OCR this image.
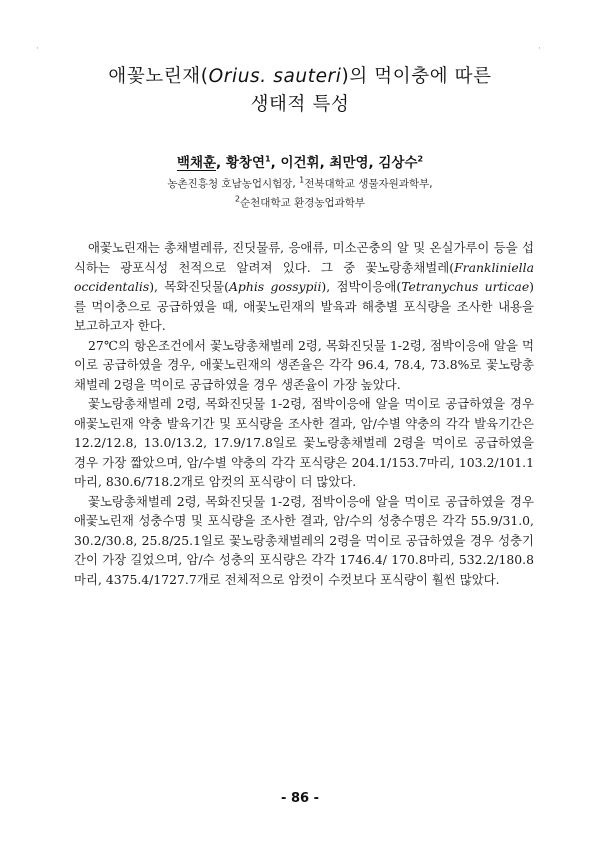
·	·
애꽃노린재(Orius. sauteri)의 먹이충에 따른
생태적 특성
백채훈, 황창연$^1$, 이건휘, 최만영, 김상수$^2$
농촌진흥청 호남농업시험장, $^1$전북대학교 생물자원과학부,
$^2$순천대학교 환경농업과학부

애꽃노린재는 총채벌레류, 진딧물류, 응애류, 미소곤충의 알 및 온실가루이 등을 섭식하는 광포식성 천적으로 알려져 있다. 그 중 꽃노랑총채벌레(Frankliniella occidentalis), 목화진딧물(Aphis gossypii), 점박이응애(Tetranychus urticae)를 먹이충으로 공급하였을 때, 애꽃노린재의 발육과 해충별 포식량을 조사한 내용을 보고하고자 한다.

27℃의 항온조건에서 꽃노랑총채벌레 2령, 목화진딧물 1-2령, 점박이응애 알을 먹이로 공급하였을 경우, 애꽃노린재의 생존율은 각각 96.4, 78.4, 73.8%로 꽃노랑총채벌레 2령을 먹이로 공급하였을 경우 생존율이 가장 높았다.

꽃노랑총채벌레 2령, 목화진딧물 1-2령, 점박이응애 알을 먹이로 공급하였을 경우 애꽃노린재 약충 발육기간 및 포식량을 조사한 결과, 암/수별 약충의 각각 발육기간은 12.2/12.8, 13.0/13.2, 17.9/17.8일로 꽃노랑총채벌레 2령을 먹이로 공급하였을 경우 가장 짧았으며, 암/수별 약충의 각각 포식량은 204.1/153.7마리, 103.2/101.1마리, 830.6/718.2개로 암컷의 포식량이 더 많았다.

꽃노랑총채벌레 2령, 목화진딧물 1-2령, 점박이응애 알을 먹이로 공급하였을 경우 애꽃노린재 성충수명 및 포식량을 조사한 결과, 암/수의 성충수명은 각각 55.9/31.0, 30.2/30.8, 25.8/25.1일로 꽃노랑총채벌레의 2령을 먹이로 공급하였을 경우 성충기간이 가장 길었으며, 암/수 성충의 포식량은 각각 1746.4/ 170.8마리, 532.2/180.8마리, 4375.4/1727.7개로 전체적으로 암컷이 수컷보다 포식량이 훨씬 많았다.

- 86 -
